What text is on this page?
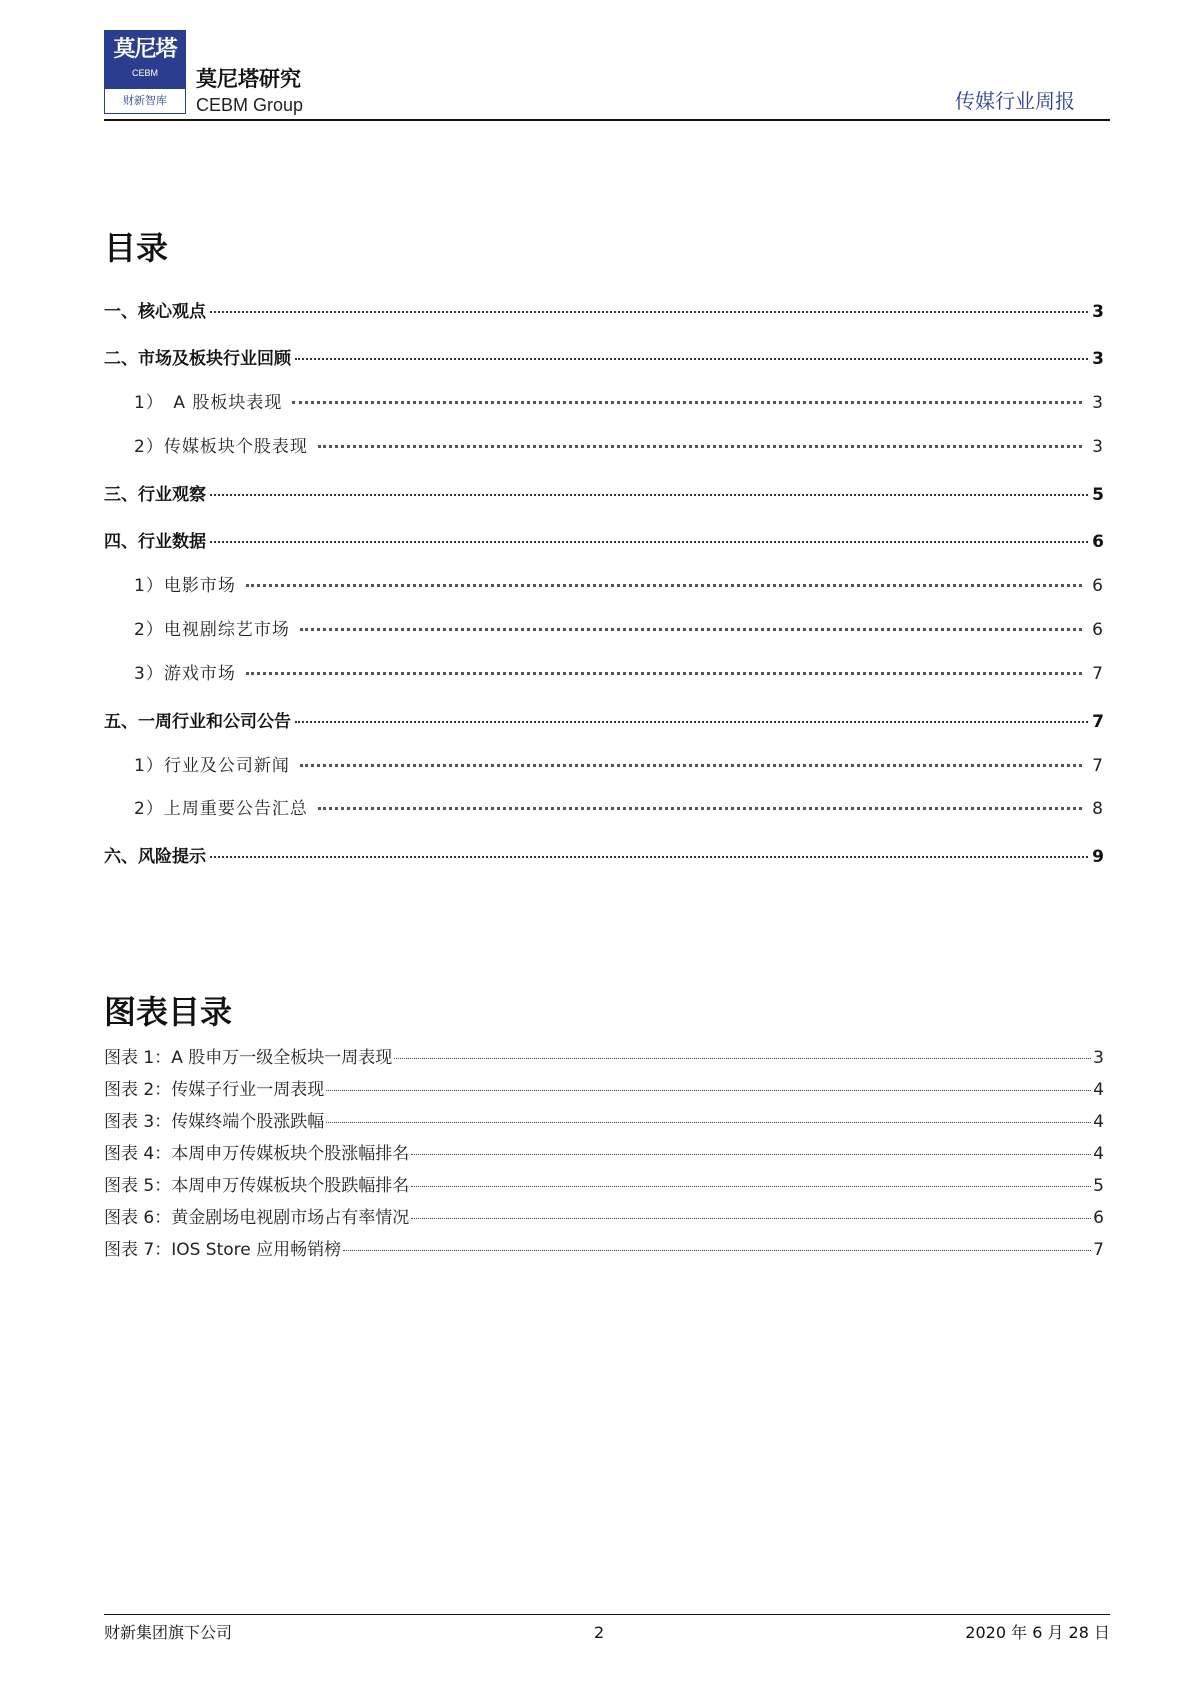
莫尼塔
CEBM
财新智库
莫尼塔研究
CEBM Group	传媒行业周报
目录
一、核心观点	3
二、市场及板块行业回顾	3
1）　A 股板块表现	3
2）传媒板块个股表现	3
三、行业观察	5
四、行业数据	6
1）电影市场	6
2）电视剧综艺市场	6
3）游戏市场	7
五、一周行业和公司公告	7
1）行业及公司新闻	7
2）上周重要公告汇总	8
六、风险提示	9
图表目录
图表 1：A 股申万一级全板块一周表现	3
图表 2：传媒子行业一周表现	4
图表 3：传媒终端个股涨跌幅	4
图表 4：本周申万传媒板块个股涨幅排名	4
图表 5：本周申万传媒板块个股跌幅排名	5
图表 6：黄金剧场电视剧市场占有率情况	6
图表 7：IOS Store 应用畅销榜	7
财新集团旗下公司	2	2020 年 6 月 28 日
